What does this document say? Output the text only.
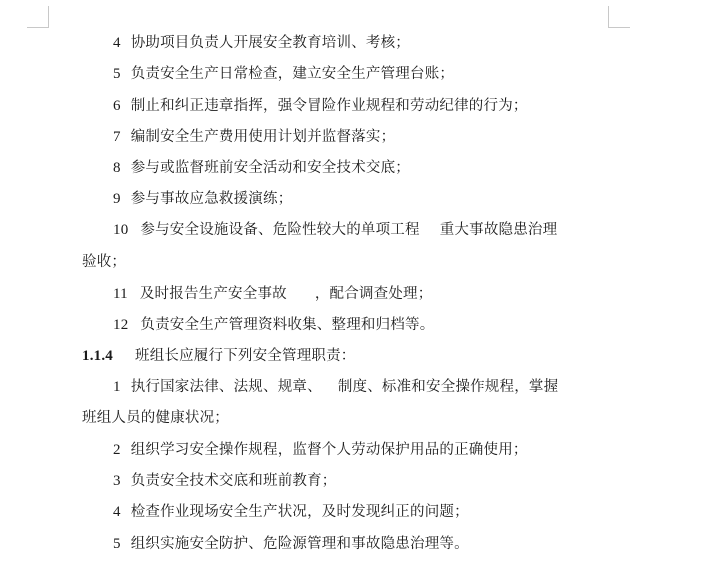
4 协助项目负责人开展安全教育培训、考核；
5 负责安全生产日常检查，建立安全生产管理台账；
6 制止和纠正违章指挥，强令冒险作业规程和劳动纪律的行为；
7 编制安全生产费用使用计划并监督落实；
8 参与或监督班前安全活动和安全技术交底；
9 参与事故应急救援演练；
10 参与安全设施设备、危险性较大的单项工程 重大事故隐患治理
验收；
11 及时报告生产安全事故 ，配合调查处理；
12 负责安全生产管理资料收集、整理和归档等。
1.1.4 班组长应履行下列安全管理职责：
1 执行国家法律、法规、规章、 制度、标准和安全操作规程，掌握
班组人员的健康状况；
2 组织学习安全操作规程，监督个人劳动保护用品的正确使用；
3 负责安全技术交底和班前教育；
4 检查作业现场安全生产状况，及时发现纠正的问题；
5 组织实施安全防护、危险源管理和事故隐患治理等。
